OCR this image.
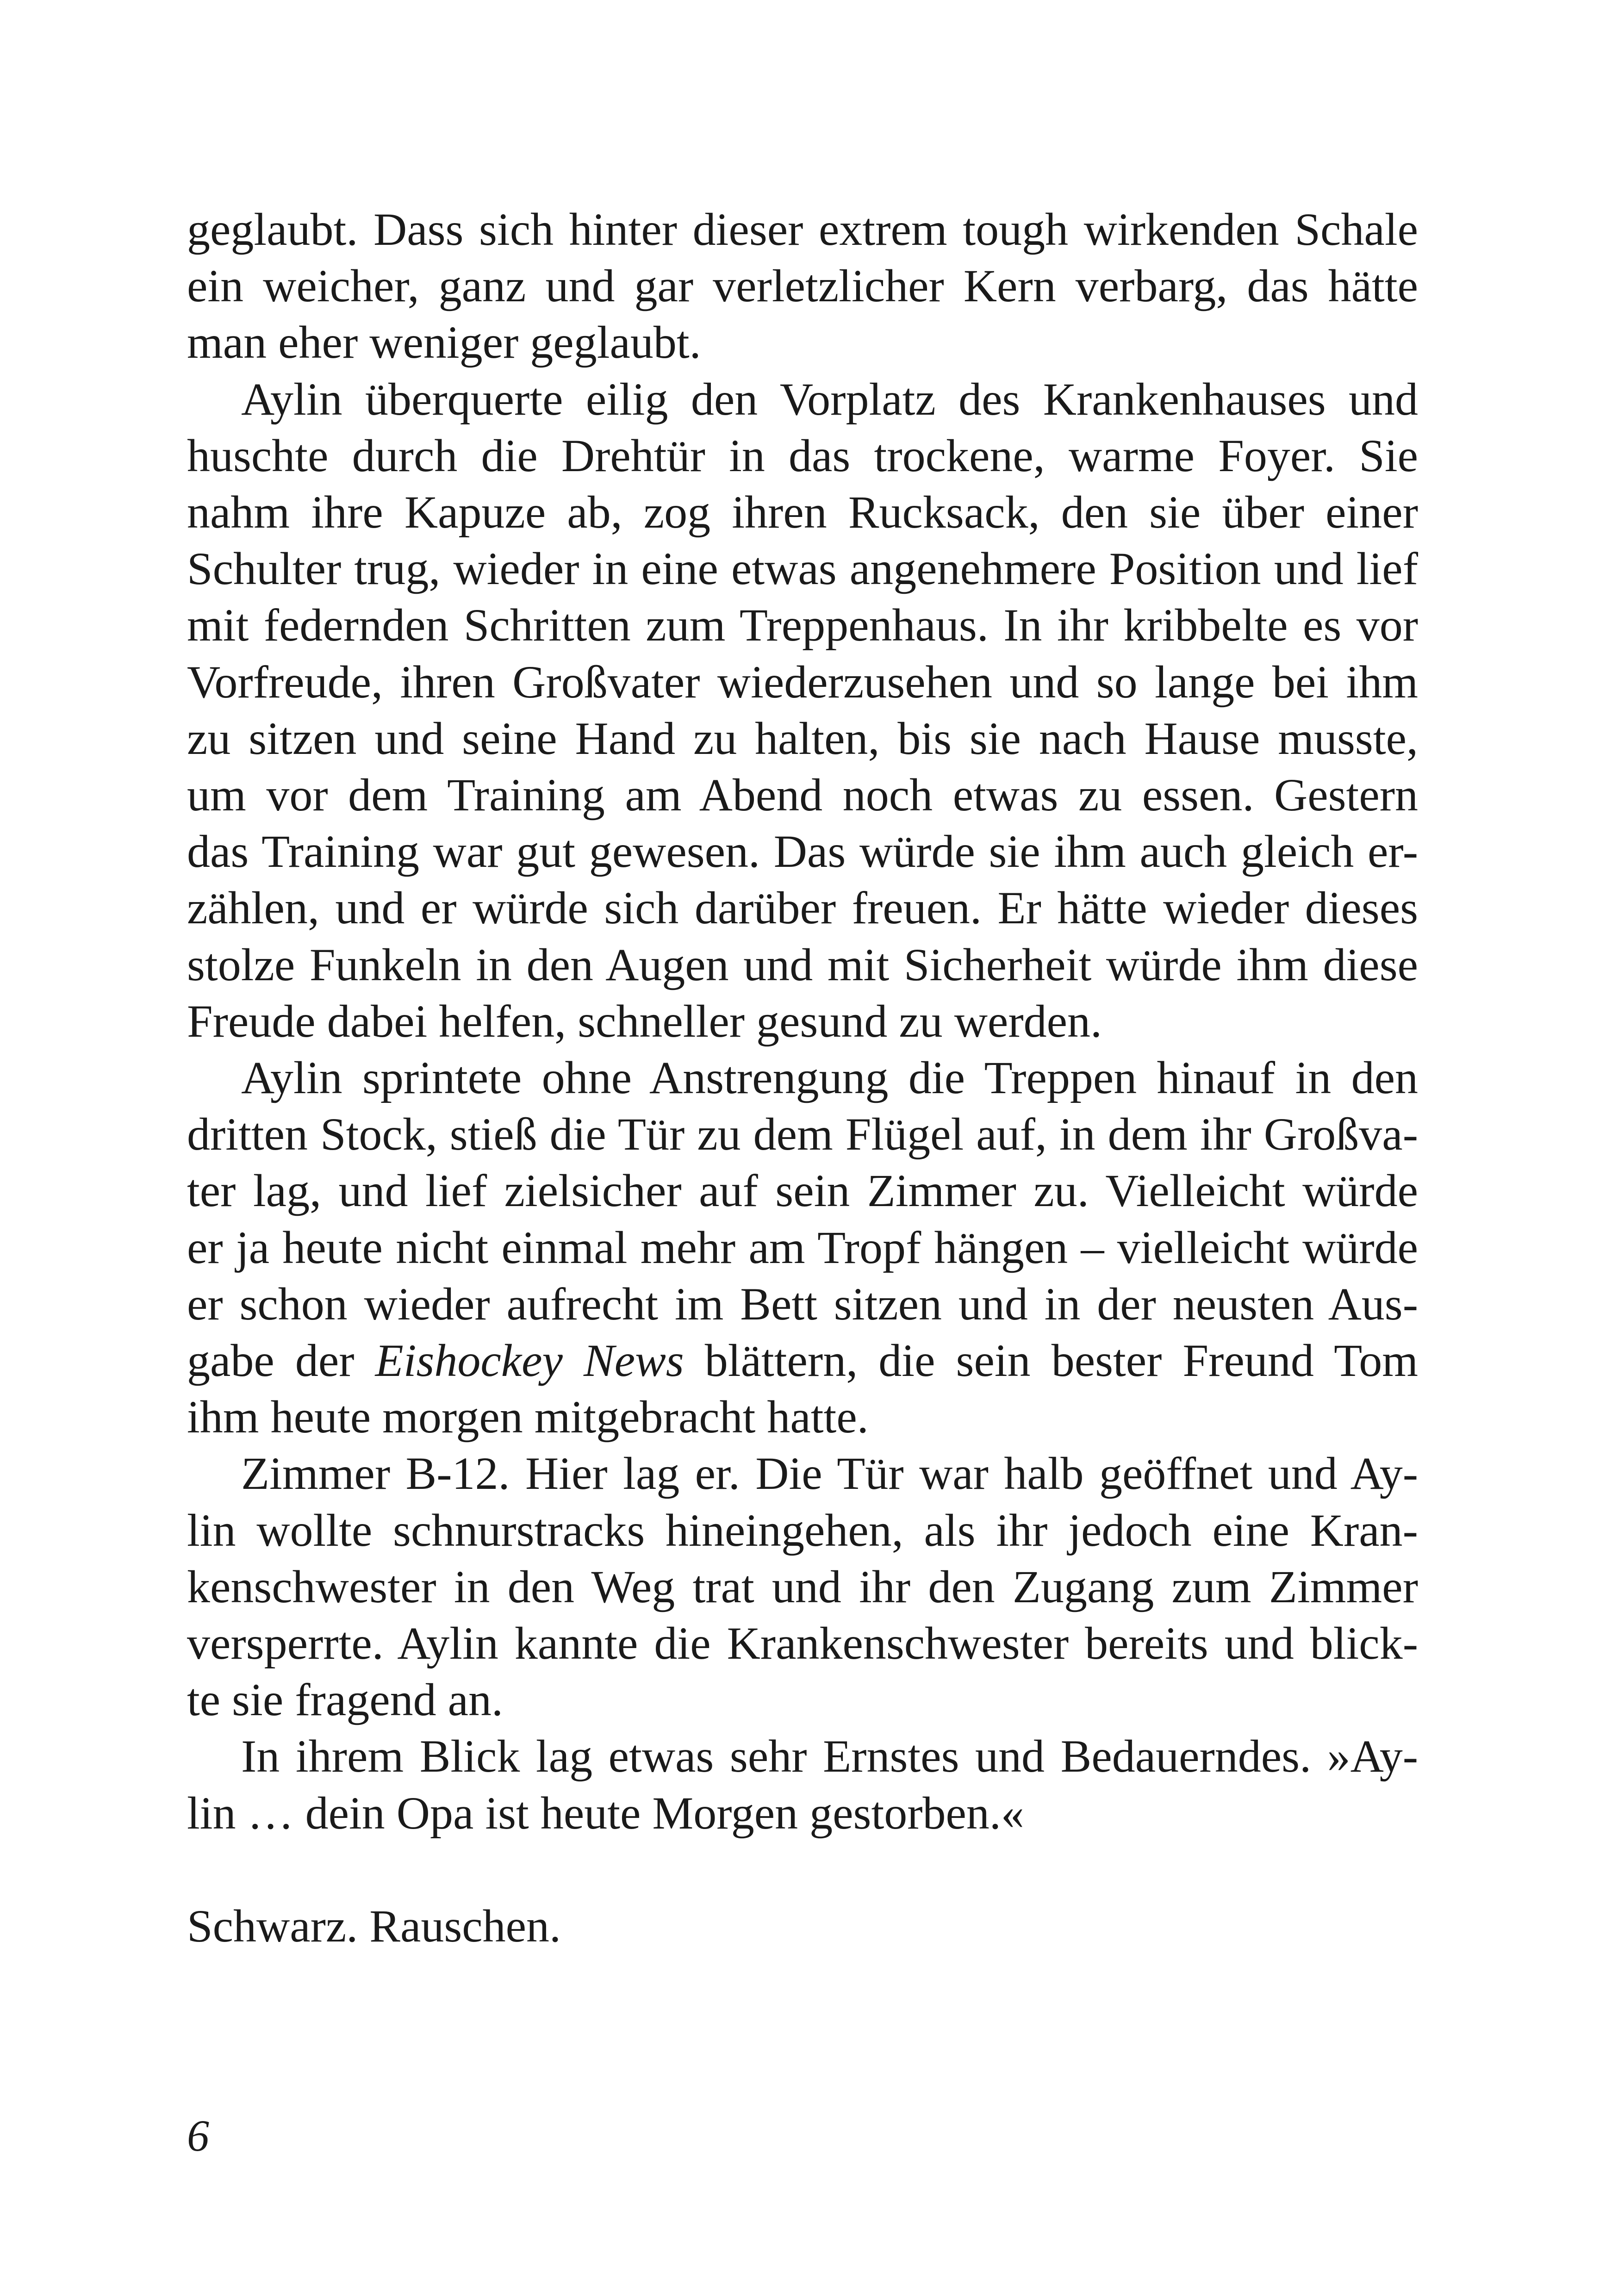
geglaubt. Dass sich hinter dieser extrem tough wirkenden Schale
ein weicher, ganz und gar verletzlicher Kern verbarg, das hätte
man eher weniger geglaubt.

Aylin überquerte eilig den Vorplatz des Krankenhauses und
huschte durch die Drehtür in das trockene, warme Foyer. Sie
nahm ihre Kapuze ab, zog ihren Rucksack, den sie über einer
Schulter trug, wieder in eine etwas angenehmere Position und lief
mit federnden Schritten zum Treppenhaus. In ihr kribbelte es vor
Vorfreude, ihren Großvater wiederzusehen und so lange bei ihm
zu sitzen und seine Hand zu halten, bis sie nach Hause musste,
um vor dem Training am Abend noch etwas zu essen. Gestern
das Training war gut gewesen. Das würde sie ihm auch gleich er-
zählen, und er würde sich darüber freuen. Er hätte wieder dieses
stolze Funkeln in den Augen und mit Sicherheit würde ihm diese
Freude dabei helfen, schneller gesund zu werden.

Aylin sprintete ohne Anstrengung die Treppen hinauf in den
dritten Stock, stieß die Tür zu dem Flügel auf, in dem ihr Großva-
ter lag, und lief zielsicher auf sein Zimmer zu. Vielleicht würde
er ja heute nicht einmal mehr am Tropf hängen – vielleicht würde
er schon wieder aufrecht im Bett sitzen und in der neusten Aus-
gabe der Eishockey News blättern, die sein bester Freund Tom
ihm heute morgen mitgebracht hatte.

Zimmer B-12. Hier lag er. Die Tür war halb geöffnet und Ay-
lin wollte schnurstracks hineingehen, als ihr jedoch eine Kran-
kenschwester in den Weg trat und ihr den Zugang zum Zimmer
versperrte. Aylin kannte die Krankenschwester bereits und blick-
te sie fragend an.

In ihrem Blick lag etwas sehr Ernstes und Bedauerndes. »Ay-
lin … dein Opa ist heute Morgen gestorben.«

Schwarz. Rauschen.

6
